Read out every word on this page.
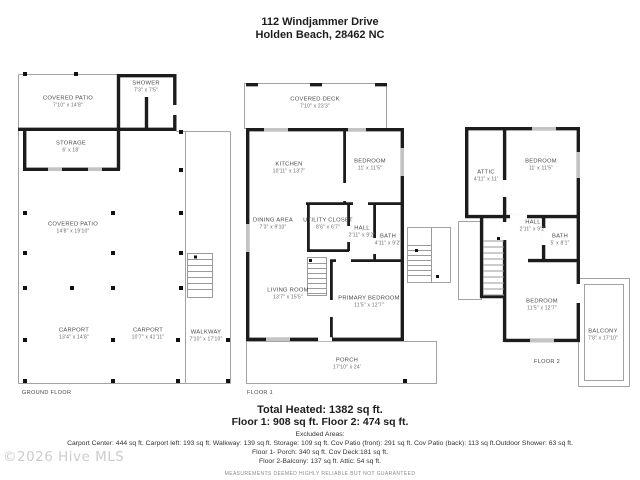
112 Windjammer Drive
Holden Beach, 28462 NC
COVERED PATIO
7'10" x 14'8"
SHOWER
7'3" x 7'5"
STORAGE
6' x 18'
COVERED PATIO
14'8" x 19'10"
CARPORT
13'4" x 14'8"
CARPORT
10'7" x 41'11"
WALKWAY
7'10" x 17'10"
GROUND FLOOR
COVERED DECK
7'10" x 23'3"
KITCHEN
10'11" x 13'7"
BEDROOM
11' x 11'5"
DINING AREA
7'3" x 9'10"
UTILITY CLOSET
8'6" x 6'7"	HALL
2'11" x 9'2" BATH
4'11" x 9'2"
LIVING ROOM
13'7" x 15'5"	PRIMARY BEDROOM
11'5" x 12'7"
PORCH
17'10" x 24'
FLOOR 1
ATTIC
4'11" x 11'
BEDROOM
11' x 11'5"
HALL
2'11" x 9'2"
BATH
5' x 8'1"
BEDROOM
11'5" x 12'7"
BALCONY
7'8" x 17'10"
FLOOR 2
Total Heated: 1382 sq ft.
Floor 1: 908 sq ft. Floor 2: 474 sq ft.
Excluded Areas:
Carport Center: 444 sq ft. Carport left: 193 sq ft. Walkway: 139 sq ft. Storage: 109 sq ft. Cov Patio (front): 291 sq ft. Cov Patio (back): 113 sq ft.Outdoor Shower: 63 sq ft.
Floor 1- Porch: 340 sq ft. Cov Deck:181 sq ft.
Floor 2-Balcony: 137 sq ft. Attic: 54 sq ft.
MEASUREMENTS DEEMED HIGHLY RELIABLE BUT NOT GUARANTEED
©2026 Hive MLS
